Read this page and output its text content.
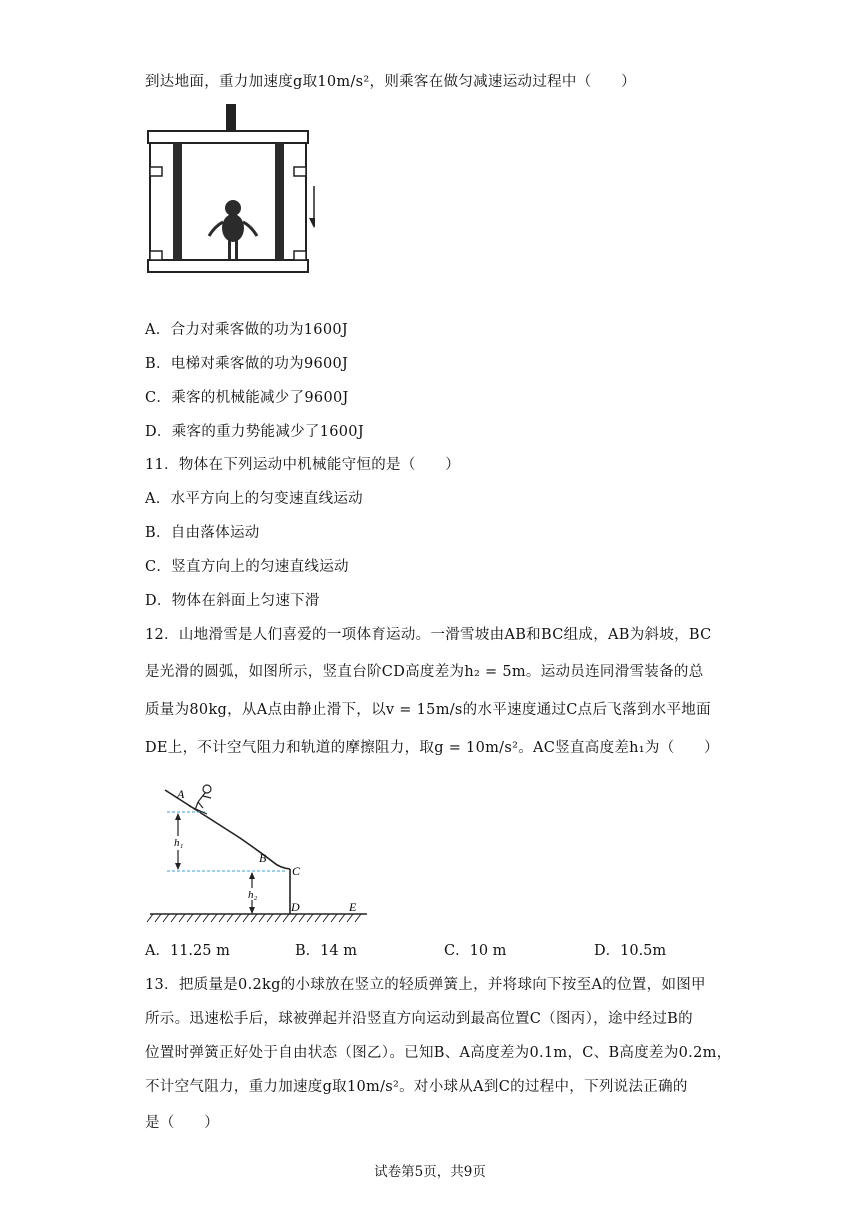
到达地面，重力加速度g取10m/s²，则乘客在做匀减速运动过程中（　　）
A．合力对乘客做的功为1600J
B．电梯对乘客做的功为9600J
C．乘客的机械能减少了9600J
D．乘客的重力势能减少了1600J
11．物体在下列运动中机械能守恒的是（　　）
A．水平方向上的匀变速直线运动
B．自由落体运动
C．竖直方向上的匀速直线运动
D．物体在斜面上匀速下滑
12．山地滑雪是人们喜爱的一项体育运动。一滑雪坡由AB和BC组成，AB为斜坡，BC
是光滑的圆弧，如图所示，竖直台阶CD高度差为h₂ = 5m。运动员连同滑雪装备的总
质量为80kg，从A点由静止滑下，以v = 15m/s的水平速度通过C点后飞落到水平地面
DE上，不计空气阻力和轨道的摩擦阻力，取g = 10m/s²。AC竖直高度差h₁为（　　）
A
B
C
D	E
h₁
h₂
A．11.25 m	B．14 m	C．10 m	D．10.5m
13．把质量是0.2kg的小球放在竖立的轻质弹簧上，并将球向下按至A的位置，如图甲
所示。迅速松手后，球被弹起并沿竖直方向运动到最高位置C（图丙），途中经过B的
位置时弹簧正好处于自由状态（图乙）。已知B、A高度差为0.1m，C、B高度差为0.2m，
不计空气阻力，重力加速度g取10m/s²。对小球从A到C的过程中，下列说法正确的
是（　　）
试卷第5页，共9页
